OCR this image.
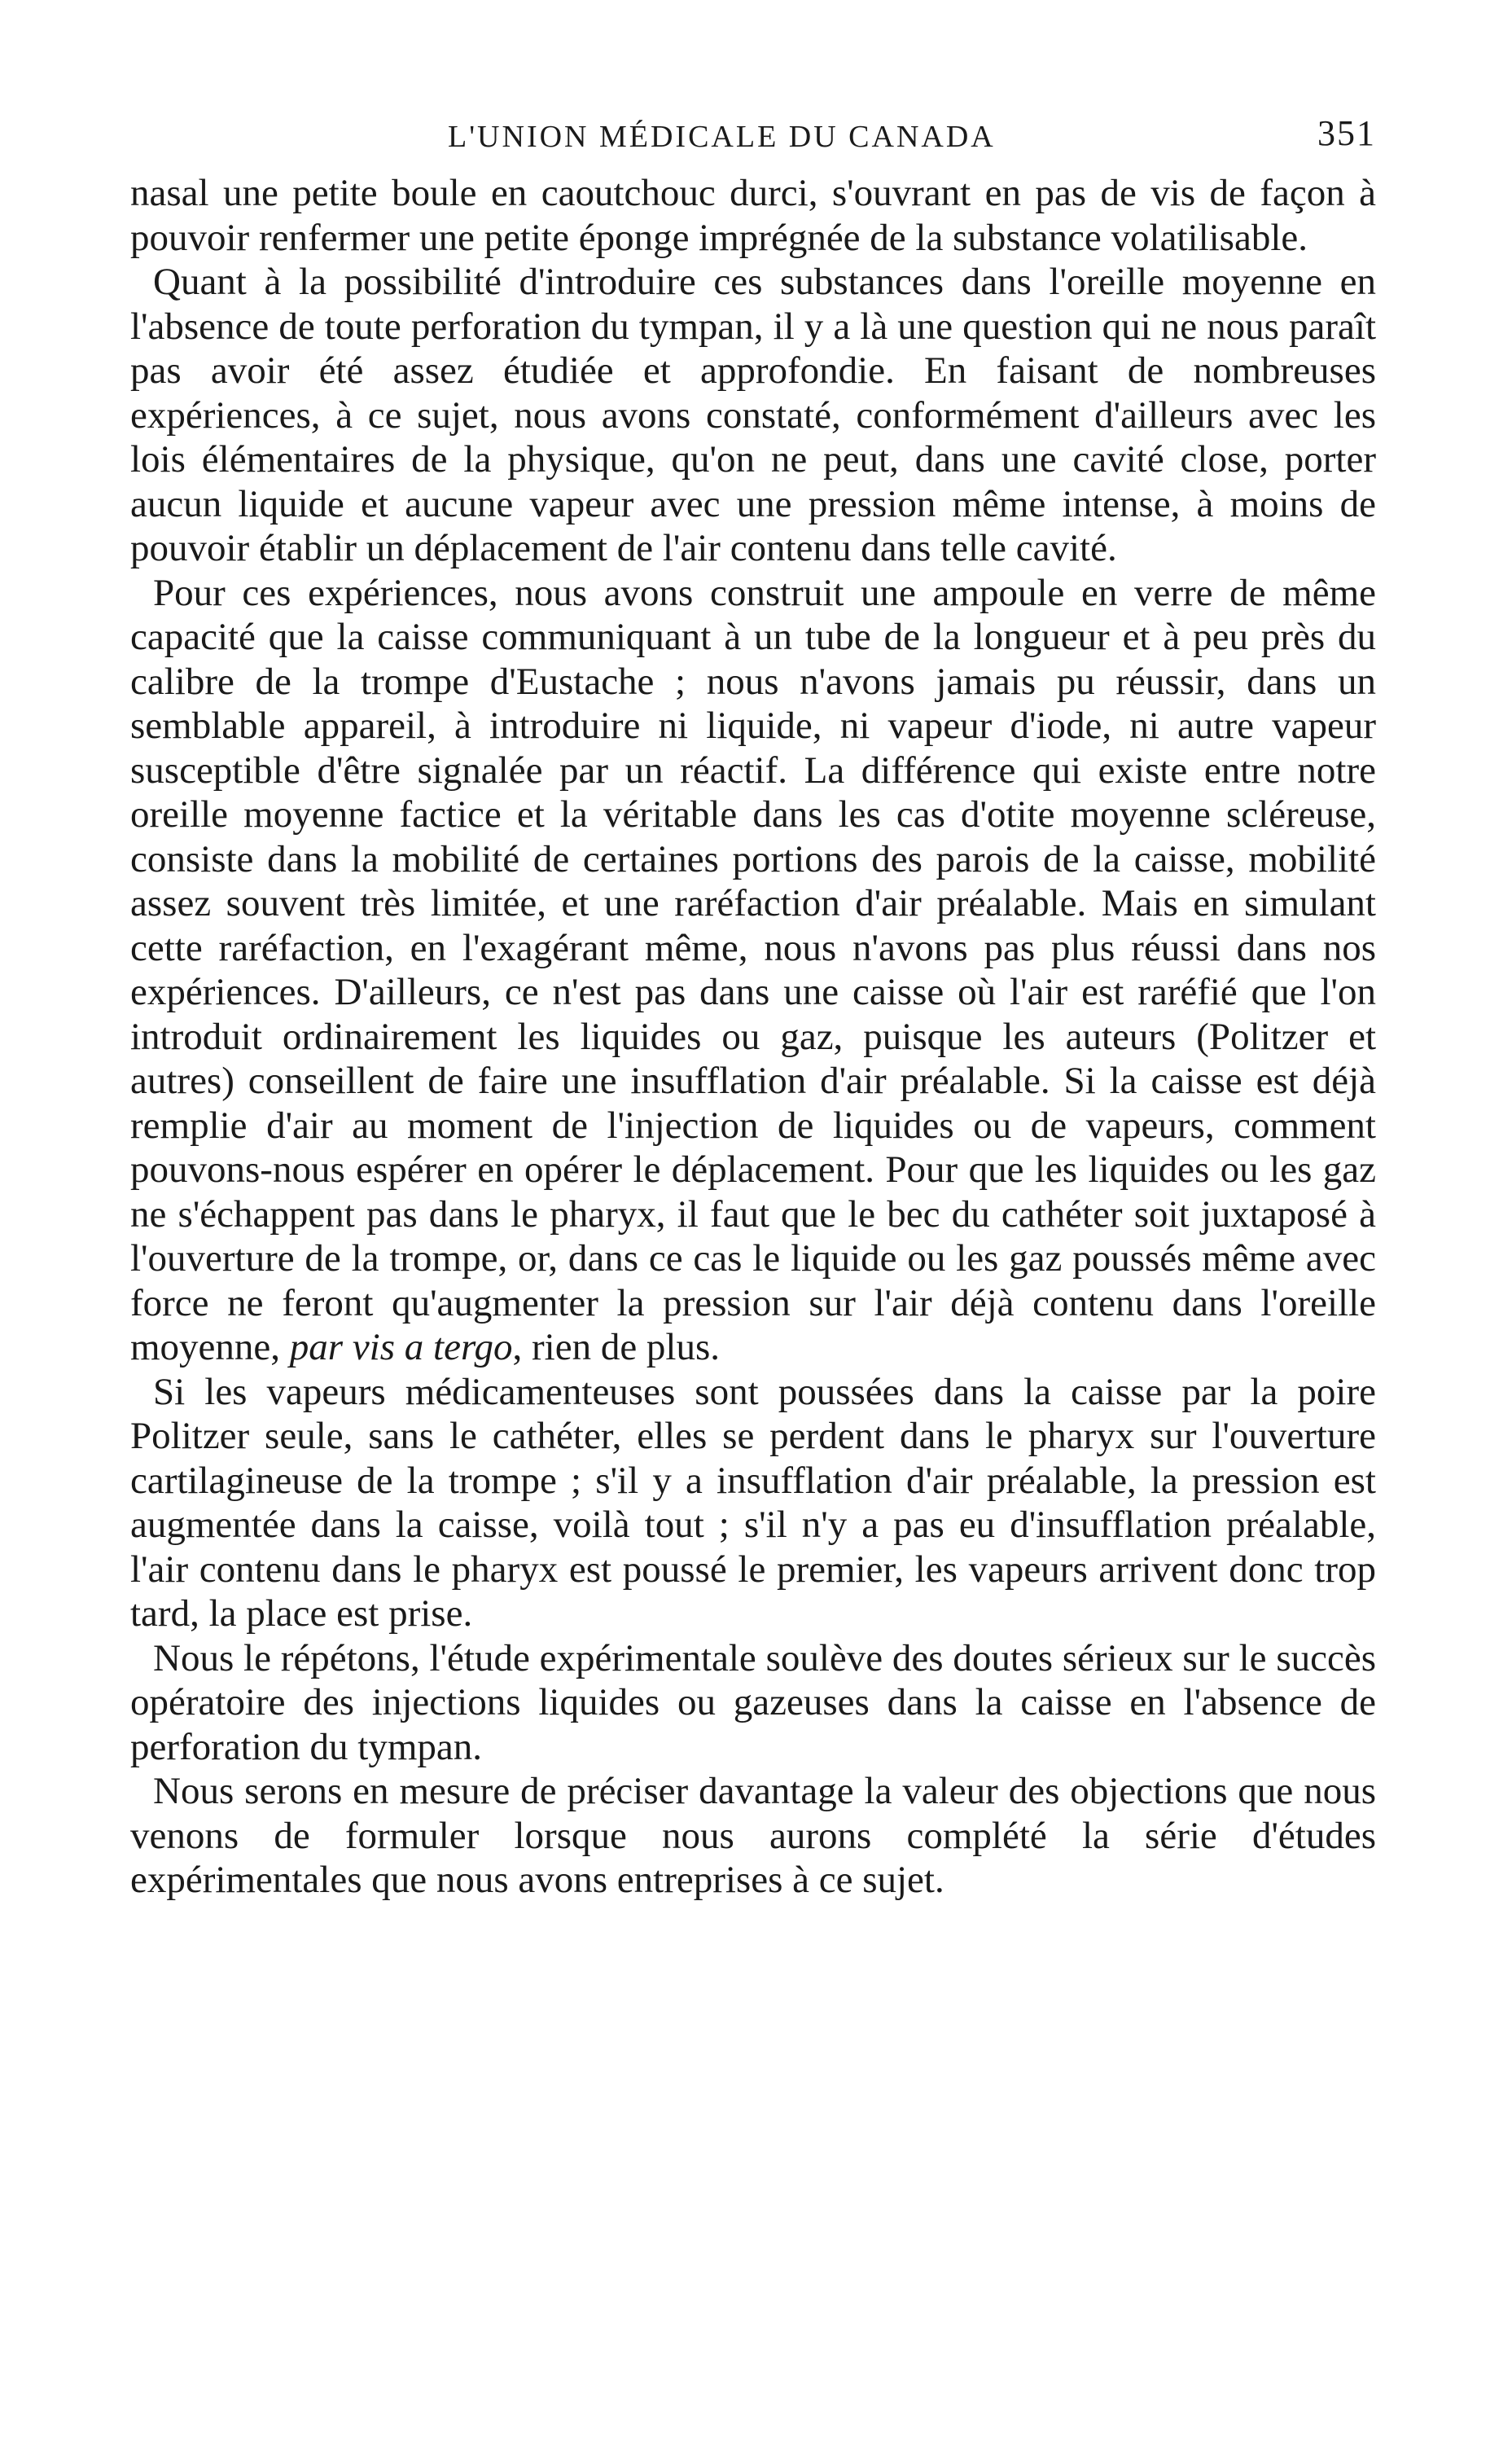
L'UNION MÉDICALE DU CANADA	351

nasal une petite boule en caoutchouc durci, s'ouvrant en pas de vis de façon à pouvoir renfermer une petite éponge imprégnée de la substance volatilisable.

Quant à la possibilité d'introduire ces substances dans l'oreille moyenne en l'absence de toute perforation du tympan, il y a là une question qui ne nous paraît pas avoir été assez étudiée et approfondie. En faisant de nombreuses expériences, à ce sujet, nous avons constaté, conformément d'ailleurs avec les lois élémentaires de la physique, qu'on ne peut, dans une cavité close, porter aucun liquide et aucune vapeur avec une pression même intense, à moins de pouvoir établir un déplacement de l'air contenu dans telle cavité.

Pour ces expériences, nous avons construit une ampoule en verre de même capacité que la caisse communiquant à un tube de la longueur et à peu près du calibre de la trompe d'Eustache ; nous n'avons jamais pu réussir, dans un semblable appareil, à introduire ni liquide, ni vapeur d'iode, ni autre vapeur susceptible d'être signalée par un réactif. La différence qui existe entre notre oreille moyenne factice et la véritable dans les cas d'otite moyenne scléreuse, consiste dans la mobilité de certaines portions des parois de la caisse, mobilité assez souvent très limitée, et une raréfaction d'air préalable. Mais en simulant cette raréfaction, en l'exagérant même, nous n'avons pas plus réussi dans nos expériences. D'ailleurs, ce n'est pas dans une caisse où l'air est raréfié que l'on introduit ordinairement les liquides ou gaz, puisque les auteurs (Politzer et autres) conseillent de faire une insufflation d'air préalable. Si la caisse est déjà remplie d'air au moment de l'injection de liquides ou de vapeurs, comment pouvons-nous espérer en opérer le déplacement. Pour que les liquides ou les gaz ne s'échappent pas dans le pharyx, il faut que le bec du cathéter soit juxtaposé à l'ouverture de la trompe, or, dans ce cas le liquide ou les gaz poussés même avec force ne feront qu'augmenter la pression sur l'air déjà contenu dans l'oreille moyenne, par vis a tergo, rien de plus.

Si les vapeurs médicamenteuses sont poussées dans la caisse par la poire Politzer seule, sans le cathéter, elles se perdent dans le pharyx sur l'ouverture cartilagineuse de la trompe ; s'il y a insufflation d'air préalable, la pression est augmentée dans la caisse, voilà tout ; s'il n'y a pas eu d'insufflation préalable, l'air contenu dans le pharyx est poussé le premier, les vapeurs arrivent donc trop tard, la place est prise.

Nous le répétons, l'étude expérimentale soulève des doutes sérieux sur le succès opératoire des injections liquides ou gazeuses dans la caisse en l'absence de perforation du tympan.

Nous serons en mesure de préciser davantage la valeur des objections que nous venons de formuler lorsque nous aurons complété la série d'études expérimentales que nous avons entreprises à ce sujet.
